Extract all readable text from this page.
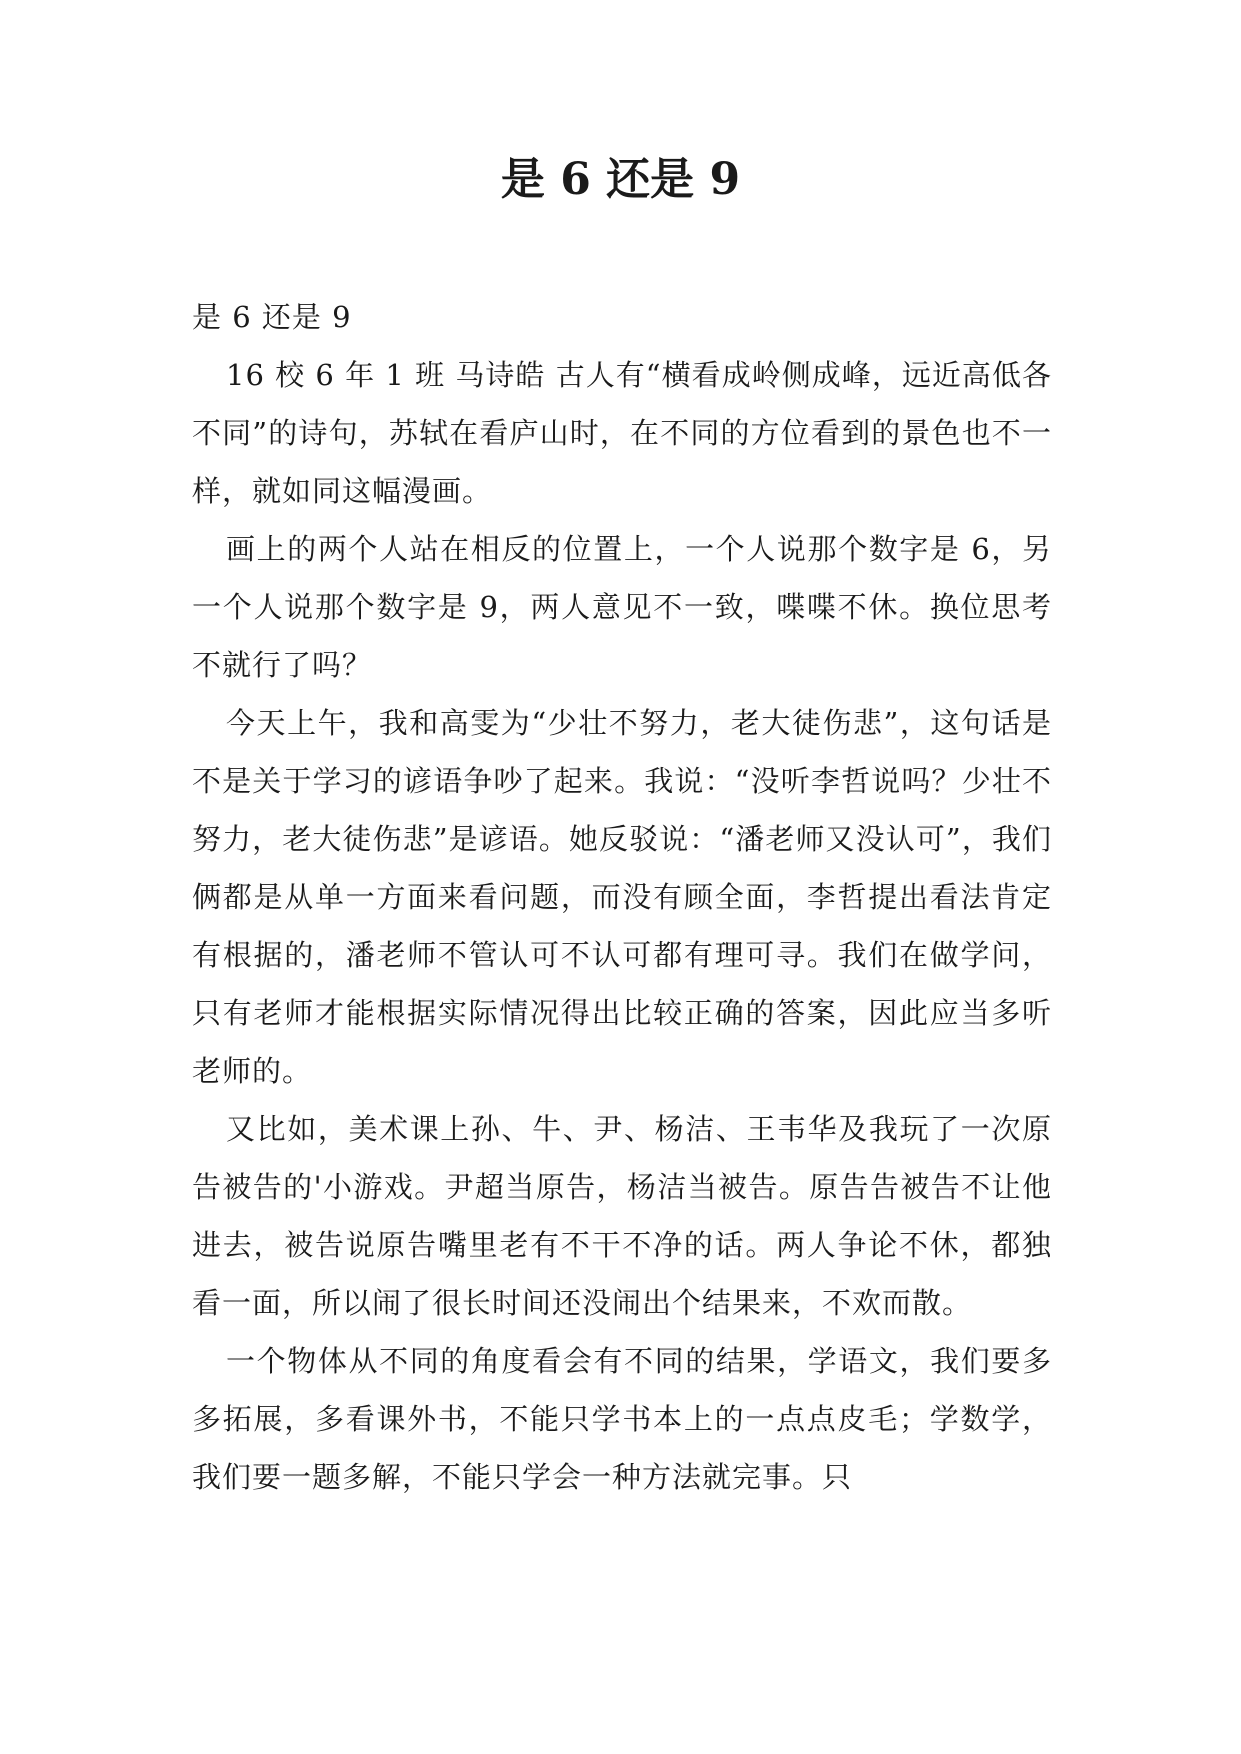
是 6 还是 9

是 6 还是 9

16 校 6 年 1 班 马诗皓 古人有“横看成岭侧成峰，远近高低各不同”的诗句，苏轼在看庐山时，在不同的方位看到的景色也不一样，就如同这幅漫画。

画上的两个人站在相反的位置上，一个人说那个数字是 6，另一个人说那个数字是 9，两人意见不一致，喋喋不休。换位思考不就行了吗？

今天上午，我和高雯为“少壮不努力，老大徒伤悲”，这句话是不是关于学习的谚语争吵了起来。我说：“没听李哲说吗？少壮不努力，老大徒伤悲”是谚语。她反驳说：“潘老师又没认可”，我们俩都是从单一方面来看问题，而没有顾全面，李哲提出看法肯定有根据的，潘老师不管认可不认可都有理可寻。我们在做学问，只有老师才能根据实际情况得出比较正确的答案，因此应当多听老师的。

又比如，美术课上孙、牛、尹、杨洁、王韦华及我玩了一次原告被告的'小游戏。尹超当原告，杨洁当被告。原告告被告不让他进去，被告说原告嘴里老有不干不净的话。两人争论不休，都独看一面，所以闹了很长时间还没闹出个结果来，不欢而散。

一个物体从不同的角度看会有不同的结果，学语文，我们要多多拓展，多看课外书，不能只学书本上的一点点皮毛；学数学，我们要一题多解，不能只学会一种方法就完事。只
